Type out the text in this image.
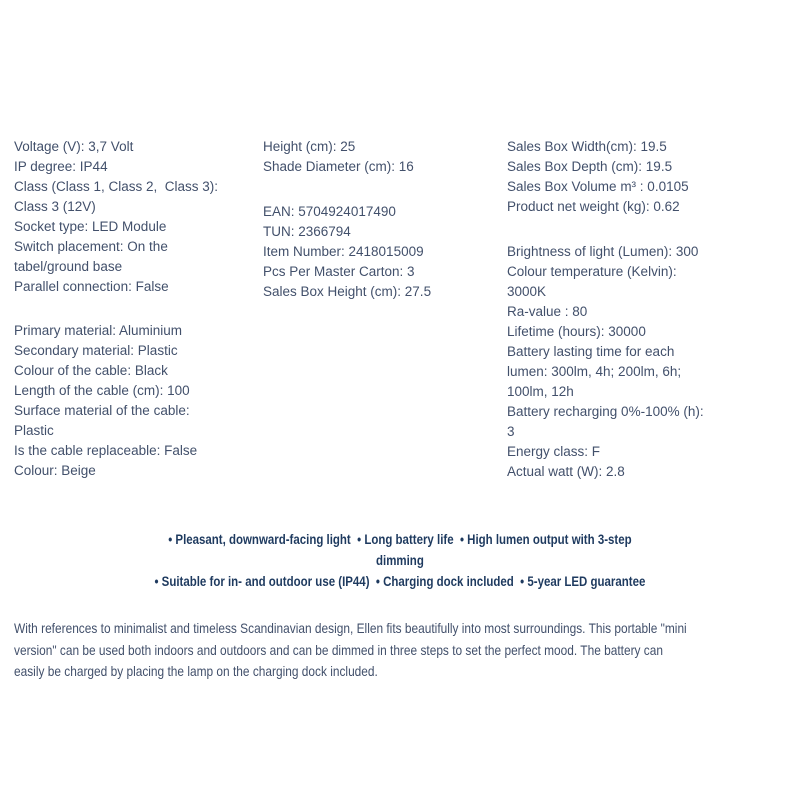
Voltage (V): 3,7 Volt
IP degree: IP44
Class (Class 1, Class 2,  Class 3):
Class 3 (12V)
Socket type: LED Module
Switch placement: On the
tabel/ground base
Parallel connection: False
Primary material: Aluminium
Secondary material: Plastic
Colour of the cable: Black
Length of the cable (cm): 100
Surface material of the cable:
Plastic
Is the cable replaceable: False
Colour: Beige
Height (cm): 25
Shade Diameter (cm): 16
EAN: 5704924017490
TUN: 2366794
Item Number: 2418015009
Pcs Per Master Carton: 3
Sales Box Height (cm): 27.5
Sales Box Width(cm): 19.5
Sales Box Depth (cm): 19.5
Sales Box Volume m³ : 0.0105
Product net weight (kg): 0.62
Brightness of light (Lumen): 300
Colour temperature (Kelvin):
3000K
Ra-value : 80
Lifetime (hours): 30000
Battery lasting time for each
lumen: 300lm, 4h; 200lm, 6h;
100lm, 12h
Battery recharging 0%-100% (h):
3
Energy class: F
Actual watt (W): 2.8
• Pleasant, downward-facing light  • Long battery life  • High lumen output with 3-step
dimming
• Suitable for in- and outdoor use (IP44)  • Charging dock included  • 5-year LED guarantee
With references to minimalist and timeless Scandinavian design, Ellen fits beautifully into most surroundings. This portable "mini
version" can be used both indoors and outdoors and can be dimmed in three steps to set the perfect mood. The battery can
easily be charged by placing the lamp on the charging dock included.
